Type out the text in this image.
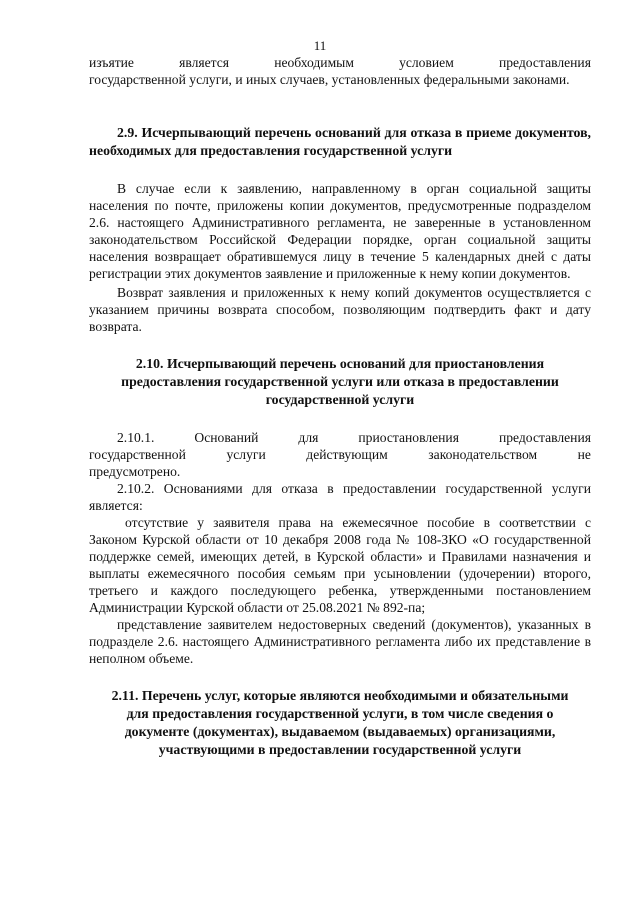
11
изъятие	является	необходимым	условием	предоставления

государственной услуги, и иных случаев, установленных федеральными законами.

2.9. Исчерпывающий перечень оснований для отказа в приеме документов, необходимых для предоставления государственной услуги

В случае если к заявлению, направленному в орган социальной защиты населения по почте, приложены копии документов, предусмотренные подразделом 2.6. настоящего Административного регламента, не заверенные в установленном законодательством Российской Федерации порядке, орган социальной защиты населения возвращает обратившемуся лицу в течение 5 календарных дней с даты регистрации этих документов заявление и приложенные к нему копии документов.

Возврат заявления и приложенных к нему копий документов осуществляется с указанием причины возврата способом, позволяющим подтвердить факт и дату возврата.

2.10. Исчерпывающий перечень оснований для приостановления предоставления государственной услуги или отказа в предоставлении государственной услуги

2.10.1.	Оснований	для	приостановления	предоставления
государственной	услуги	действующим	законодательством	не

предусмотрено.

2.10.2. Основаниями для отказа в предоставлении государственной услуги является:

отсутствие у заявителя права на ежемесячное пособие в соответствии с Законом Курской области от 10 декабря 2008 года № 108-ЗКО «О государственной поддержке семей, имеющих детей, в Курской области» и Правилами назначения и выплаты ежемесячного пособия семьям при усыновлении (удочерении) второго, третьего и каждого последующего ребенка, утвержденными постановлением Администрации Курской области от 25.08.2021 № 892-па;

представление заявителем недостоверных сведений (документов), указанных в подразделе 2.6. настоящего Административного регламента либо их представление в неполном объеме.

2.11. Перечень услуг, которые являются необходимыми и обязательными для предоставления государственной услуги, в том числе сведения о документе (документах), выдаваемом (выдаваемых) организациями, участвующими в предоставлении государственной услуги
